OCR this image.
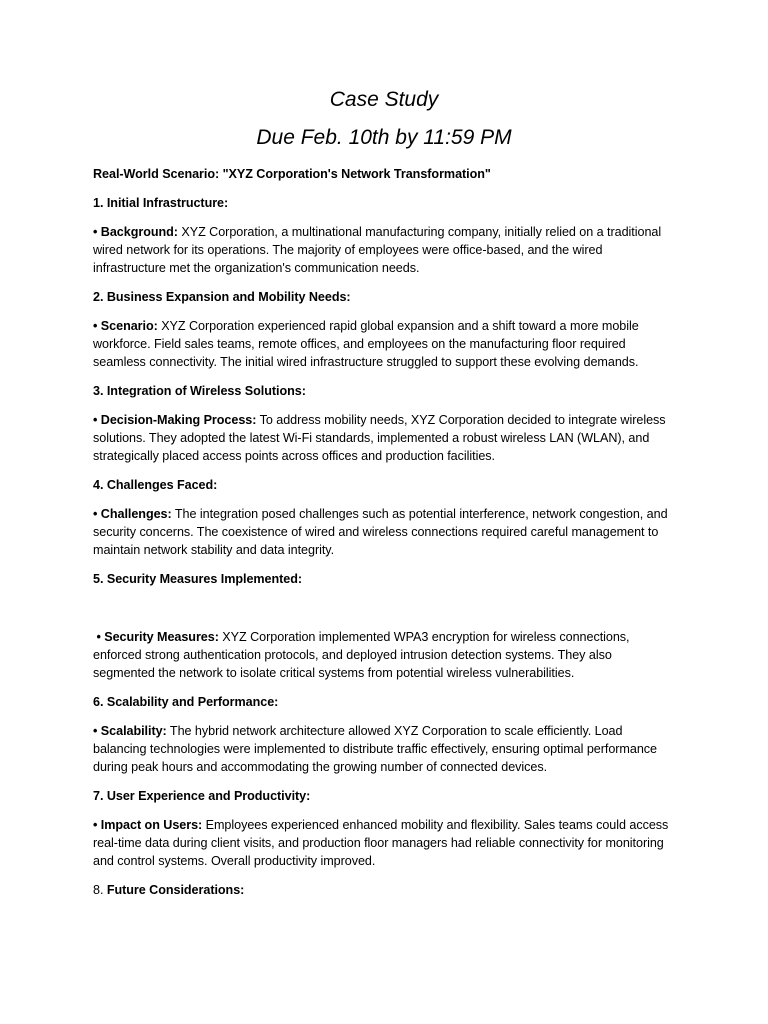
Case Study
Due Feb. 10th by 11:59 PM

Real-World Scenario: "XYZ Corporation's Network Transformation"

1. Initial Infrastructure:

• Background: XYZ Corporation, a multinational manufacturing company, initially relied on a traditional wired network for its operations. The majority of employees were office-based, and the wired infrastructure met the organization's communication needs.

2. Business Expansion and Mobility Needs:

• Scenario: XYZ Corporation experienced rapid global expansion and a shift toward a more mobile workforce. Field sales teams, remote offices, and employees on the manufacturing floor required seamless connectivity. The initial wired infrastructure struggled to support these evolving demands.

3. Integration of Wireless Solutions:

• Decision-Making Process: To address mobility needs, XYZ Corporation decided to integrate wireless solutions. They adopted the latest Wi-Fi standards, implemented a robust wireless LAN (WLAN), and strategically placed access points across offices and production facilities.

4. Challenges Faced:

• Challenges: The integration posed challenges such as potential interference, network congestion, and security concerns. The coexistence of wired and wireless connections required careful management to maintain network stability and data integrity.

5. Security Measures Implemented:

• Security Measures: XYZ Corporation implemented WPA3 encryption for wireless connections, enforced strong authentication protocols, and deployed intrusion detection systems. They also segmented the network to isolate critical systems from potential wireless vulnerabilities.

6. Scalability and Performance:

• Scalability: The hybrid network architecture allowed XYZ Corporation to scale efficiently. Load balancing technologies were implemented to distribute traffic effectively, ensuring optimal performance during peak hours and accommodating the growing number of connected devices.

7. User Experience and Productivity:

• Impact on Users: Employees experienced enhanced mobility and flexibility. Sales teams could access real-time data during client visits, and production floor managers had reliable connectivity for monitoring and control systems. Overall productivity improved.

8. Future Considerations:
